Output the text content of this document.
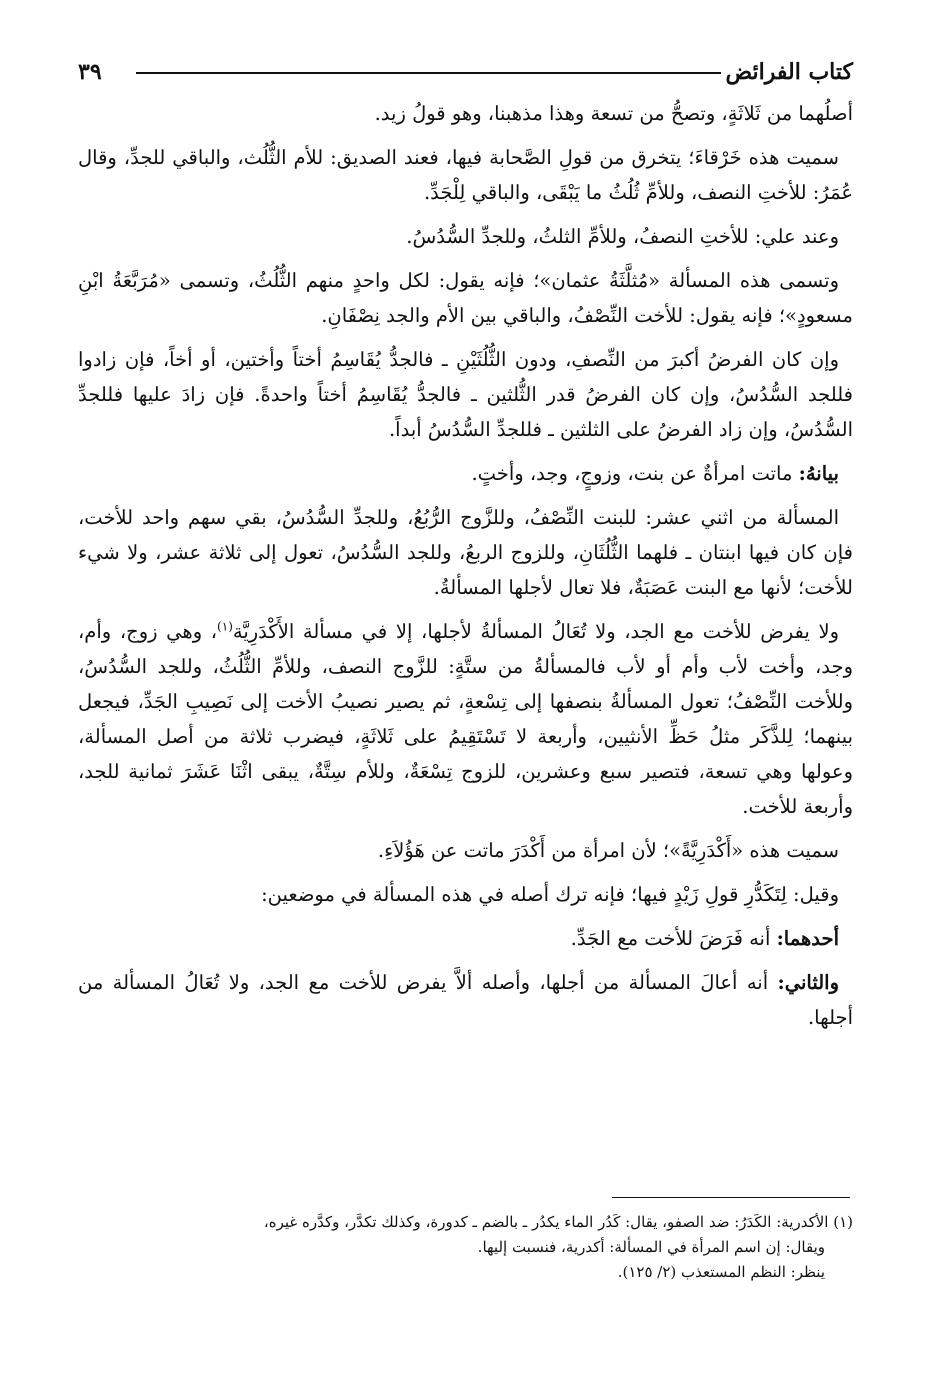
كتاب الفرائض
٣٩

أصلُهما من ثَلاثَةٍ، وتصحُّ من تسعة وهذا مذهبنا، وهو قولُ زيد.

سميت هذه خَرْقاءَ؛ يتخرق من قولِ الصَّحابة فيها، فعند الصديق: للأم الثُّلُث، والباقي للجدِّ، وقال عُمَرُ: للأختِ النصف، وللأمِّ ثُلُثُ ما يَبْقَى، والباقي لِلْجَدِّ.

وعند علي: للأختِ النصفُ، وللأمِّ الثلثُ، وللجدِّ السُّدُسُ.

وتسمى هذه المسألة «مُثلَّثَةُ عثمان»؛ فإنه يقول: لكل واحدٍ منهم الثُّلُثُ، وتسمى «مُرَبَّعَةُ ابْنِ مسعودٍ»؛ فإنه يقول: للأخت النِّصْفُ، والباقي بين الأم والجد نِصْفَانِ.

وإن كان الفرضُ أكبرَ من النِّصفِ، ودون الثُّلُثَيْنِ ـ فالجدُّ يُقَاسِمُ أختاً وأختين، أو أخاً، فإن زادوا فللجد السُّدُسُ، وإن كان الفرضُ قدر الثُّلثين ـ فالجدُّ يُقَاسِمُ أختاً واحدةً. فإن زادَ عليها فللجدِّ السُّدُسُ، وإن زاد الفرضُ على الثلثين ـ فللجدِّ السُّدُسُ أبداً.

بيانهُ: ماتت امرأةٌ عن بنت، وزوجٍ، وجد، وأختٍ.

المسألة من اثني عشر: للبنت النِّصْفُ، وللزَّوج الرُّبُعُ، وللجدِّ السُّدُسُ، بقي سهم واحد للأخت، فإن كان فيها ابنتان ـ فلهما الثُّلُثَانِ، وللزوج الربعُ، وللجد السُّدُسُ، تعول إلى ثلاثة عشر، ولا شيء للأخت؛ لأنها مع البنت عَصَبَةٌ، فلا تعال لأجلها المسألةُ.

ولا يفرض للأخت مع الجد، ولا تُعَالُ المسألةُ لأجلها، إلا في مسألة الأَكْدَرِيَّة$^{(١)}$، وهي زوج، وأم، وجد، وأخت لأب وأم أو لأب فالمسألةُ من ستَّةٍ: للزَّوج النصف، وللأمِّ الثُّلُثُ، وللجد السُّدُسُ، وللأخت النِّصْفُ؛ تعول المسألةُ بنصفها إلى تِسْعةٍ، ثم يصير نصيبُ الأخت إلى نَصِيبِ الجَدِّ، فيجعل بينهما؛ لِلذَّكَر مثلُ حَظِّ الأنثيين، وأربعة لا تَسْتَقِيمُ على ثَلاثَةٍ، فيضرب ثلاثة من أصل المسألة، وعولها وهي تسعة، فتصير سبع وعشرين، للزوج تِسْعَةٌ، وللأم سِتَّةٌ، يبقى اثْنَا عَشَرَ ثمانية للجد، وأربعة للأخت.

سميت هذه «أَكْدَرِيَّةً»؛ لأن امرأة من أَكْدَرَ ماتت عن هَؤُلاَءِ.

وقيل: لِتَكَدُّرِ قولِ زَيْدٍ فيها؛ فإنه ترك أصله في هذه المسألة في موضعين:

أحدهما: أنه فَرَضَ للأخت مع الجَدِّ.

والثاني: أنه أعالَ المسألة من أجلها، وأصله ألاَّ يفرض للأخت مع الجد، ولا تُعَالُ المسألة من أجلها.

(١) الأكدرية: الكَدَرُ: ضد الصفو، يقال: كَدُر الماء يكدُر ـ بالضم ـ كدورة، وكذلك تكدَّر، وكدَّره غيره،

ويقال: إن اسم المرأة في المسألة: أكدرية، فنسبت إليها.

ينظر: النظم المستعذب (٢/ ١٢٥).
